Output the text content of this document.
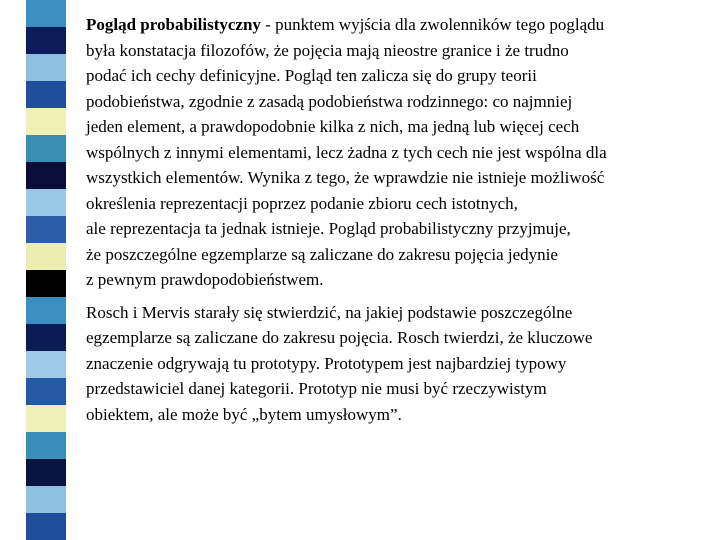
Pogląd probabilistyczny - punktem wyjścia dla zwolenników tego poglądu
była konstatacja filozofów, że pojęcia mają nieostre granice i że trudno
podać ich cechy definicyjne. Pogląd ten zalicza się do grupy teorii
podobieństwa, zgodnie z zasadą podobieństwa rodzinnego: co najmniej
jeden element, a prawdopodobnie kilka z nich, ma jedną lub więcej cech
wspólnych z innymi elementami, lecz żadna z tych cech nie jest wspólna dla
wszystkich elementów. Wynika z tego, że wprawdzie nie istnieje możliwość
określenia reprezentacji poprzez podanie zbioru cech istotnych,
ale reprezentacja ta jednak istnieje. Pogląd probabilistyczny przyjmuje,
że poszczególne egzemplarze są zaliczane do zakresu pojęcia jedynie
z pewnym prawdopodobieństwem.

Rosch i Mervis starały się stwierdzić, na jakiej podstawie poszczególne
egzemplarze są zaliczane do zakresu pojęcia. Rosch twierdzi, że kluczowe
znaczenie odgrywają tu prototypy. Prototypem jest najbardziej typowy
przedstawiciel danej kategorii. Prototyp nie musi być rzeczywistym
obiektem, ale może być „bytem umysłowym”.
